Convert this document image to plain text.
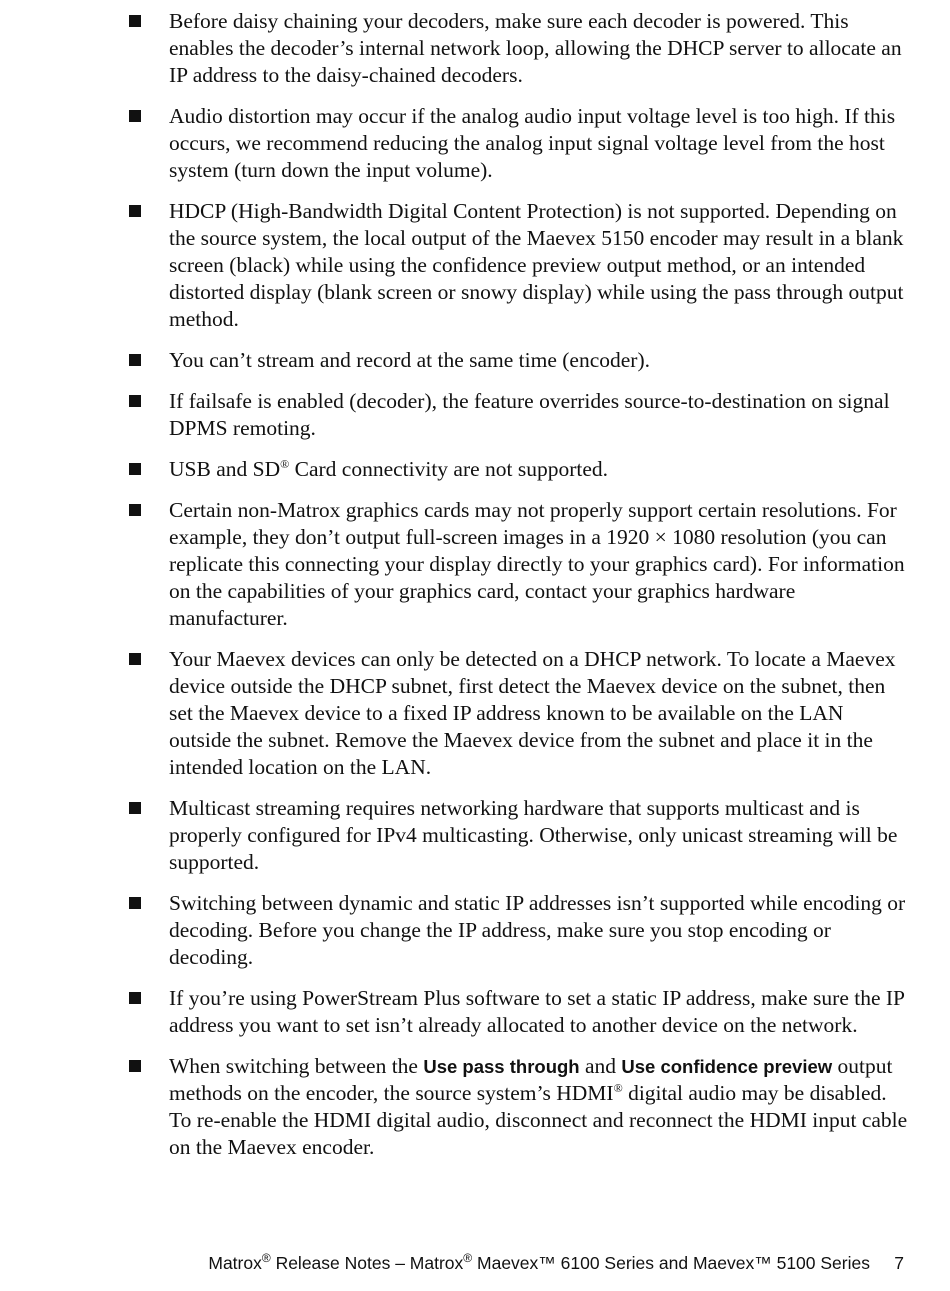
Before daisy chaining your decoders, make sure each decoder is powered. This enables the decoder’s internal network loop, allowing the DHCP server to allocate an IP address to the daisy-chained decoders.
Audio distortion may occur if the analog audio input voltage level is too high. If this occurs, we recommend reducing the analog input signal voltage level from the host system (turn down the input volume).
HDCP (High-Bandwidth Digital Content Protection) is not supported. Depending on the source system, the local output of the Maevex 5150 encoder may result in a blank screen (black) while using the confidence preview output method, or an intended distorted display (blank screen or snowy display) while using the pass through output method.
You can’t stream and record at the same time (encoder).
If failsafe is enabled (decoder), the feature overrides source-to-destination on signal DPMS remoting.
USB and SD® Card connectivity are not supported.
Certain non-Matrox graphics cards may not properly support certain resolutions. For example, they don’t output full-screen images in a 1920 × 1080 resolution (you can replicate this connecting your display directly to your graphics card). For information on the capabilities of your graphics card, contact your graphics hardware manufacturer.
Your Maevex devices can only be detected on a DHCP network. To locate a Maevex device outside the DHCP subnet, first detect the Maevex device on the subnet, then set the Maevex device to a fixed IP address known to be available on the LAN outside the subnet. Remove the Maevex device from the subnet and place it in the intended location on the LAN.
Multicast streaming requires networking hardware that supports multicast and is properly configured for IPv4 multicasting. Otherwise, only unicast streaming will be supported.
Switching between dynamic and static IP addresses isn’t supported while encoding or decoding. Before you change the IP address, make sure you stop encoding or decoding.
If you’re using PowerStream Plus software to set a static IP address, make sure the IP address you want to set isn’t already allocated to another device on the network.
When switching between the Use pass through and Use confidence preview output methods on the encoder, the source system’s HDMI® digital audio may be disabled. To re-enable the HDMI digital audio, disconnect and reconnect the HDMI input cable on the Maevex encoder.
Matrox® Release Notes – Matrox® Maevex™ 6100 Series and Maevex™ 5100 Series 7
